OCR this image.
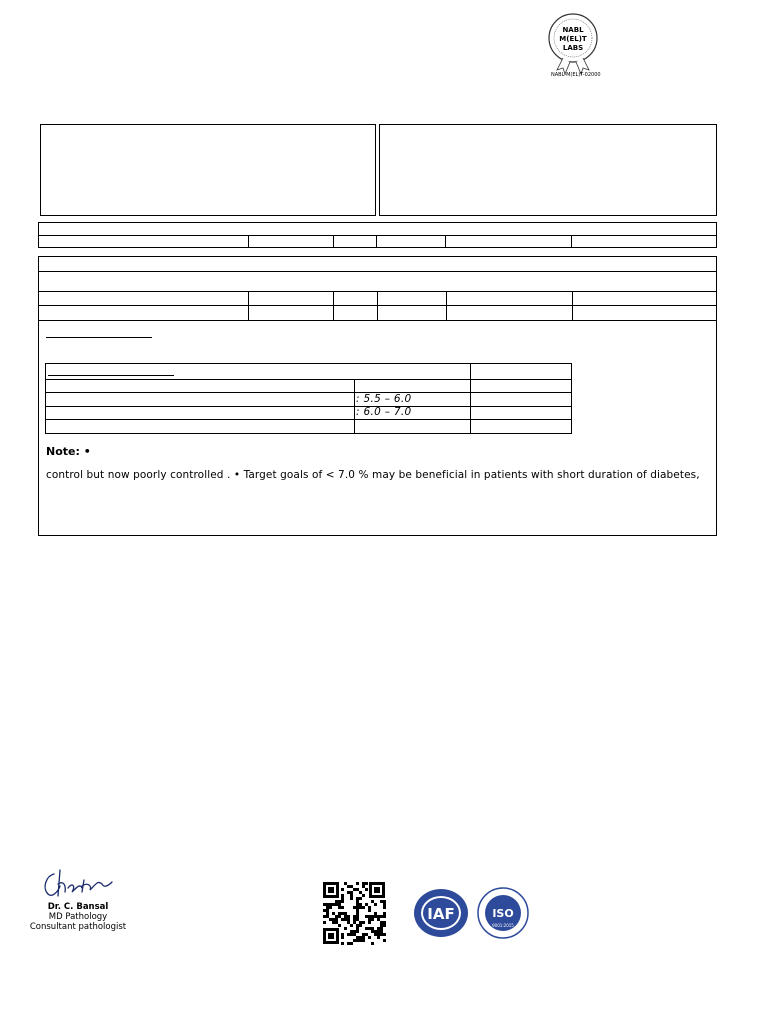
NABL
M(EL)T
LABS
NABL-M(EL)T-02000
: 5.5 – 6.0
: 6.0 – 7.0
Note: •
control but now poorly controlled . • Target goals of < 7.0 % may be beneficial in patients with short duration of diabetes,
Dr. C. Bansal
MD Pathology
Consultant pathologist
IAF	ISO
9001:2015
